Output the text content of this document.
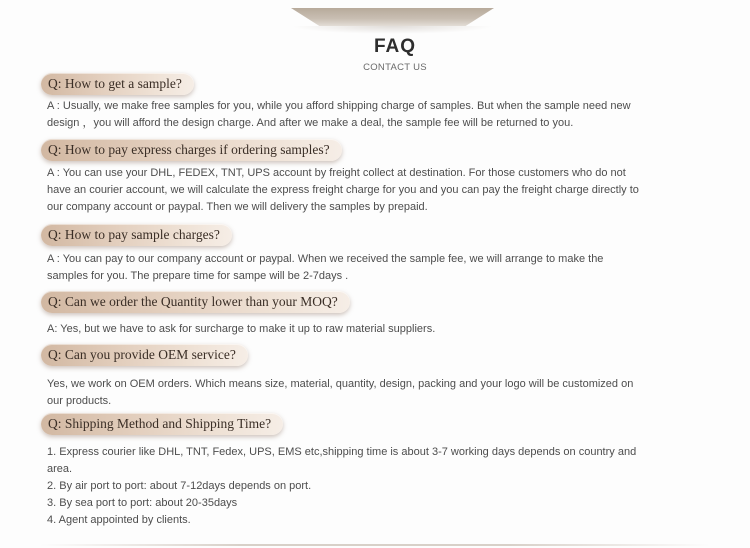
FAQ
CONTACT US
Q: How to get a sample?

A : Usually, we make free samples for you, while you afford shipping charge of samples. But when the sample need new design ，you will afford the design charge. And after we make a deal, the sample fee will be returned to you.

Q: How to pay express charges if ordering samples?

A : You can use your DHL, FEDEX, TNT, UPS account by freight collect at destination. For those customers who do not have an courier account, we will calculate the express freight charge for you and you can pay the freight charge directly to our company account or paypal. Then we will delivery the samples by prepaid.

Q: How to pay sample charges?

A : You can pay to our company account or paypal. When we received the sample fee, we will arrange to make the samples for you. The prepare time for sampe will be 2-7days .

Q: Can we order the Quantity lower than your MOQ?

A: Yes, but we have to ask for surcharge to make it up to raw material suppliers.

Q: Can you provide OEM service?

Yes, we work on OEM orders. Which means size, material, quantity, design, packing and your logo will be customized on our products.

Q: Shipping Method and Shipping Time?

1. Express courier like DHL, TNT, Fedex, UPS, EMS etc,shipping time is about 3-7 working days depends on country and area.

2. By air port to port: about 7-12days depends on port.

3. By sea port to port: about 20-35days

4. Agent appointed by clients.
